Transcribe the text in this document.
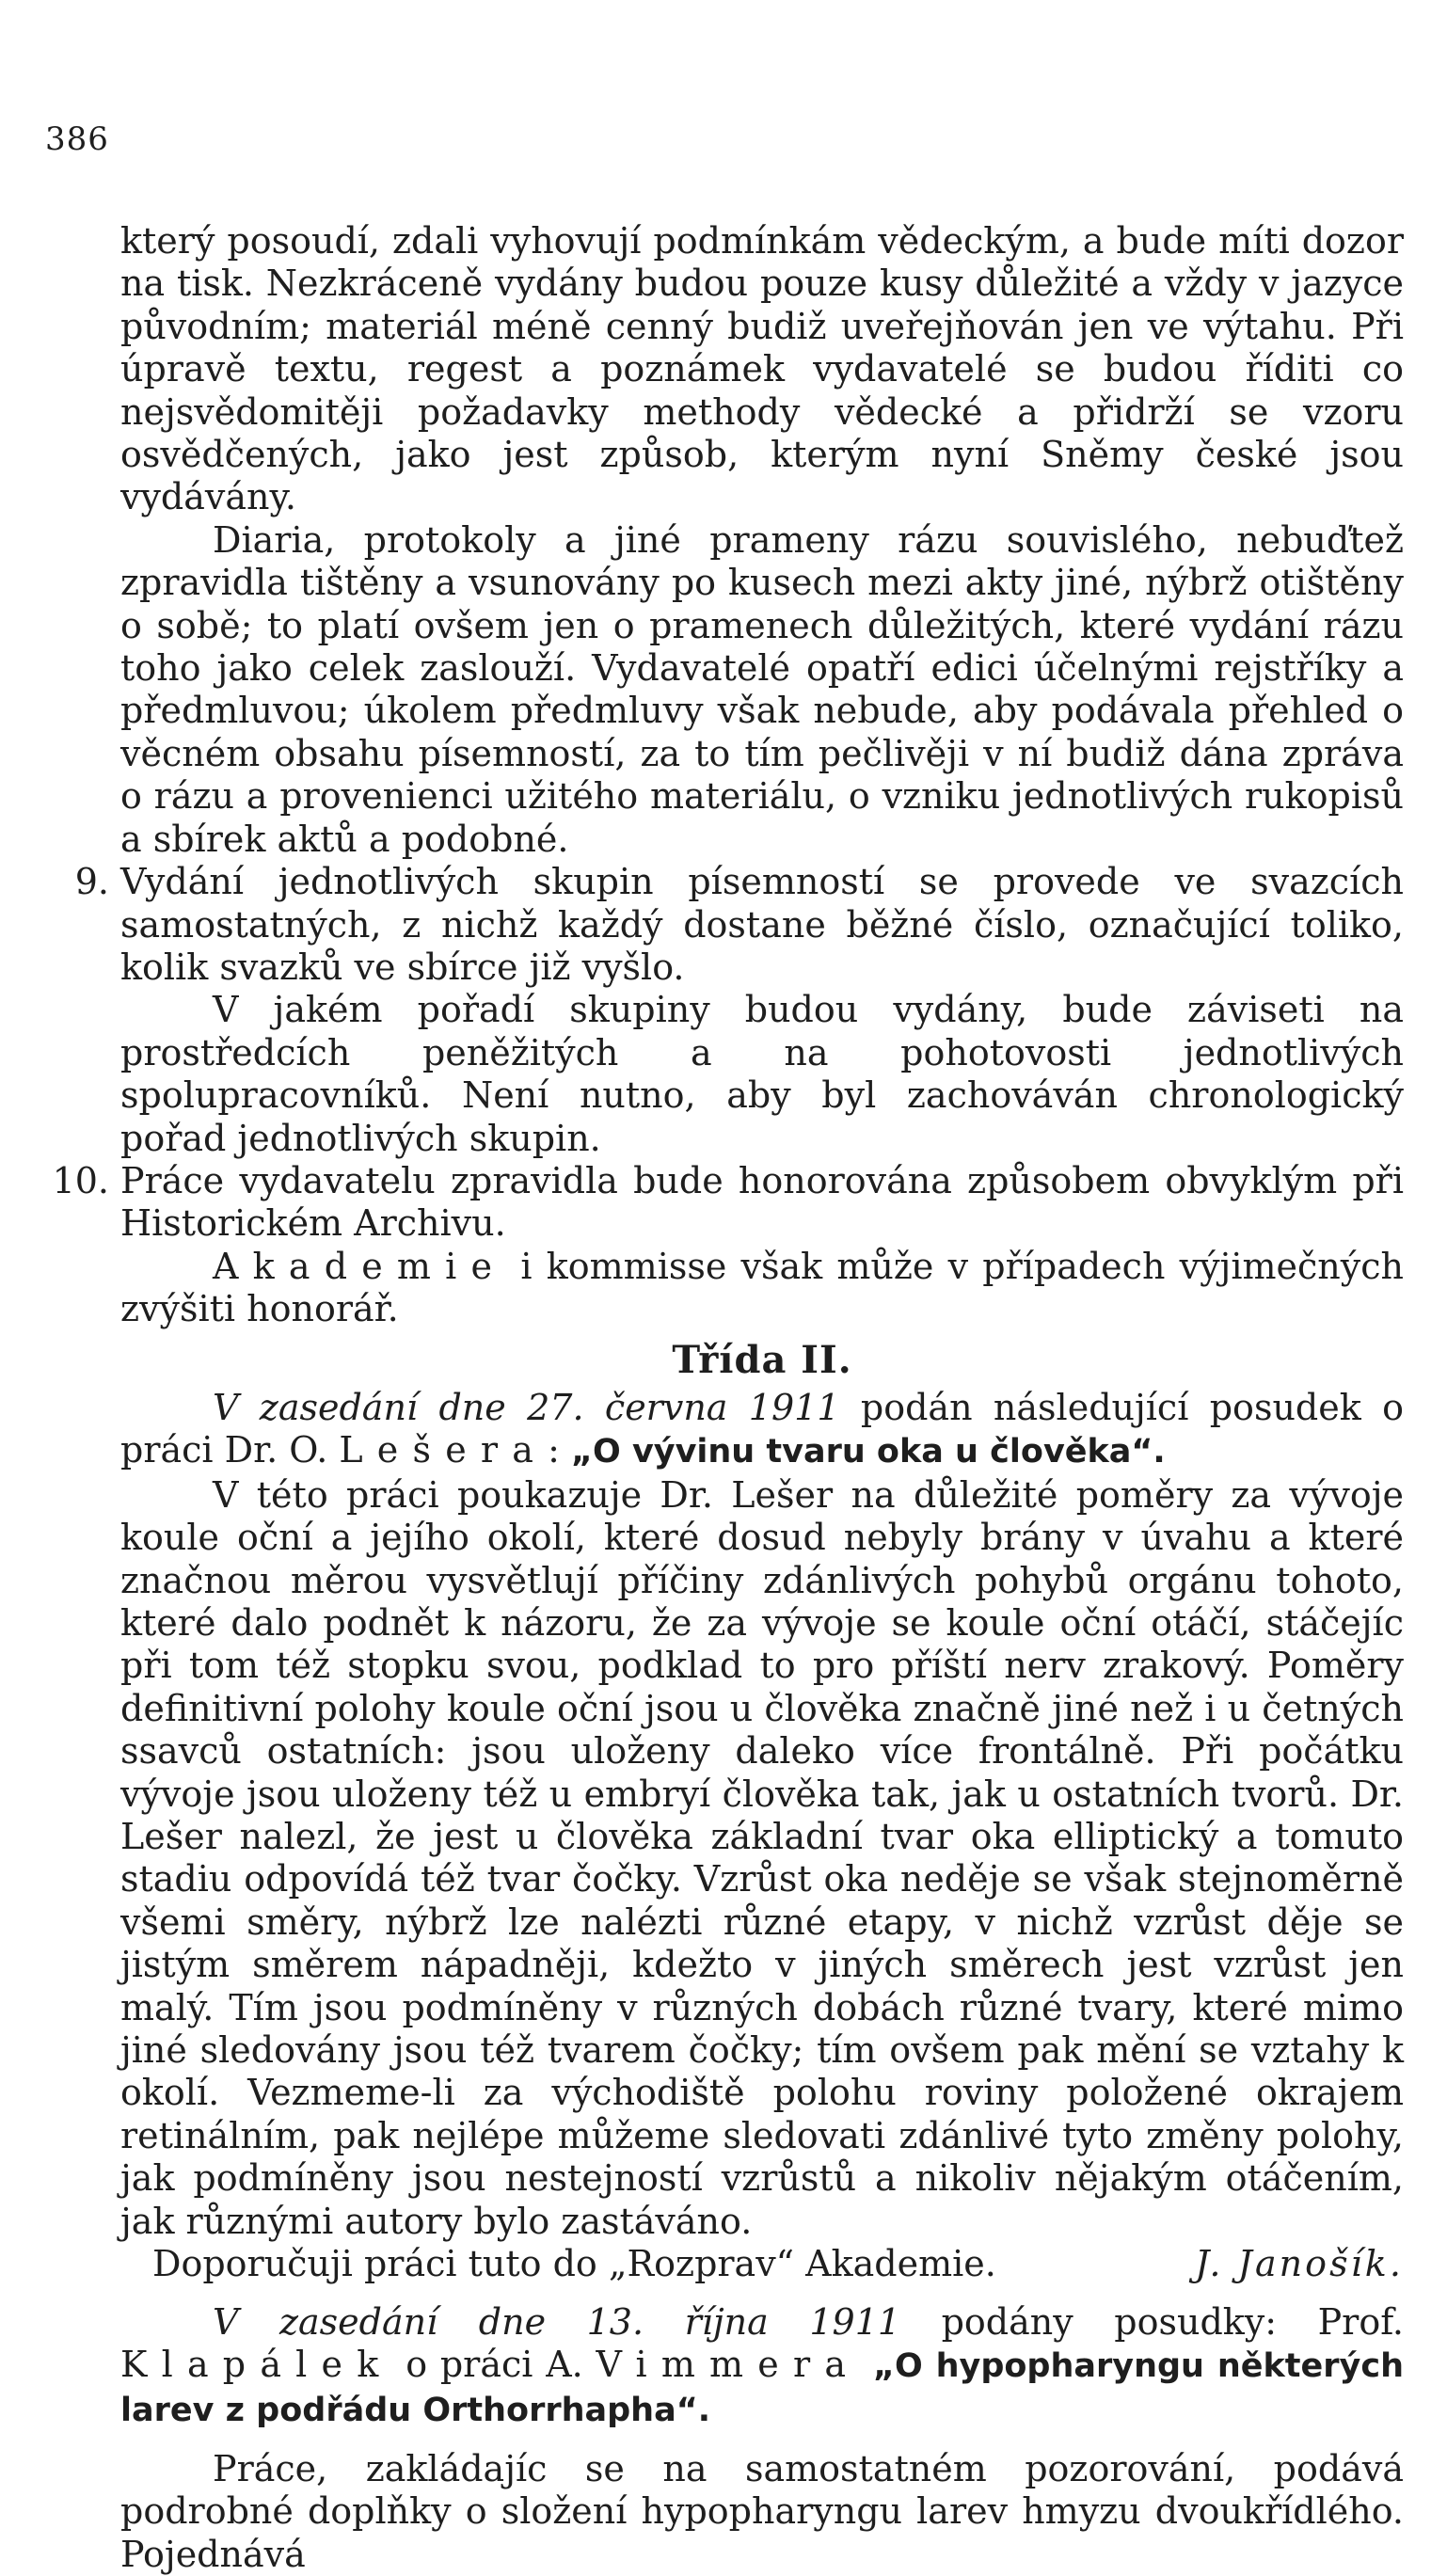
386

který posoudí, zdali vyhovují podmínkám vědeckým, a bude míti dozor na tisk. Nezkráceně vydány budou pouze kusy důležité a vždy v jazyce původním; materiál méně cenný budiž uveřejňován jen ve výtahu. Při úpravě textu, regest a poznámek vydavatelé se budou říditi co nejsvědomitěji požadavky methody vědecké a přidrží se vzoru osvědčených, jako jest způsob, kterým nyní Sněmy české jsou vydávány.

Diaria, protokoly a jiné prameny rázu souvislého, nebuďtež zpravidla tištěny a vsunovány po kusech mezi akty jiné, nýbrž otištěny o sobě; to platí ovšem jen o pramenech důležitých, které vydání rázu toho jako celek zaslouží. Vydavatelé opatří edici účelnými rejstříky a předmluvou; úkolem předmluvy však nebude, aby podávala přehled o věcném obsahu písemností, za to tím pečlivěji v ní budiž dána zpráva o rázu a provenienci užitého materiálu, o vzniku jednotlivých rukopisů a sbírek aktů a podobné.

9. Vydání jednotlivých skupin písemností se provede ve svazcích samostatných, z nichž každý dostane běžné číslo, označující toliko, kolik svazků ve sbírce již vyšlo.

V jakém pořadí skupiny budou vydány, bude záviseti na prostředcích peněžitých a na pohotovosti jednotlivých spolupracovníků. Není nutno, aby byl zachováván chronologický pořad jednotlivých skupin.

10. Práce vydavatelu zpravidla bude honorována způsobem obvyklým při Historickém Archivu.

Akademie i kommisse však může v případech výjimečných zvýšiti honorář.

Třída II.

V zasedání dne 27. června 1911 podán následující posudek o práci Dr. O. Lešera: „O vývinu tvaru oka u člověka“.

V této práci poukazuje Dr. Lešer na důležité poměry za vývoje koule oční a jejího okolí, které dosud nebyly brány v úvahu a které značnou měrou vysvětlují příčiny zdánlivých pohybů orgánu tohoto, které dalo podnět k názoru, že za vývoje se koule oční otáčí, stáčejíc při tom též stopku svou, podklad to pro příští nerv zrakový. Poměry definitivní polohy koule oční jsou u člověka značně jiné než i u četných ssavců ostatních: jsou uloženy daleko více frontálně. Při počátku vývoje jsou uloženy též u embryí člověka tak, jak u ostatních tvorů. Dr. Lešer nalezl, že jest u člověka základní tvar oka elliptický a tomuto stadiu odpovídá též tvar čočky. Vzrůst oka neděje se však stejnoměrně všemi směry, nýbrž lze nalézti různé etapy, v nichž vzrůst děje se jistým směrem nápadněji, kdežto v jiných směrech jest vzrůst jen malý. Tím jsou podmíněny v různých dobách různé tvary, které mimo jiné sledovány jsou též tvarem čočky; tím ovšem pak mění se vztahy k okolí. Vezmeme-li za východiště polohu roviny položené okrajem retinálním, pak nejlépe můžeme sledovati zdánlivé tyto změny polohy, jak podmíněny jsou nestejností vzrůstů a nikoliv nějakým otáčením, jak různými autory bylo zastáváno.

Doporučuji práci tuto do „Rozprav“ Akademie.	J. Janošík.

V zasedání dne 13. října 1911 podány posudky: Prof. Klapálek o práci A. Vimmera „O hypopharyngu některých larev z podřádu Orthorrhapha“.

Práce, zakládajíc se na samostatném pozorování, podává podrobné doplňky o složení hypopharyngu larev hmyzu dvoukřídlého. Pojednává
